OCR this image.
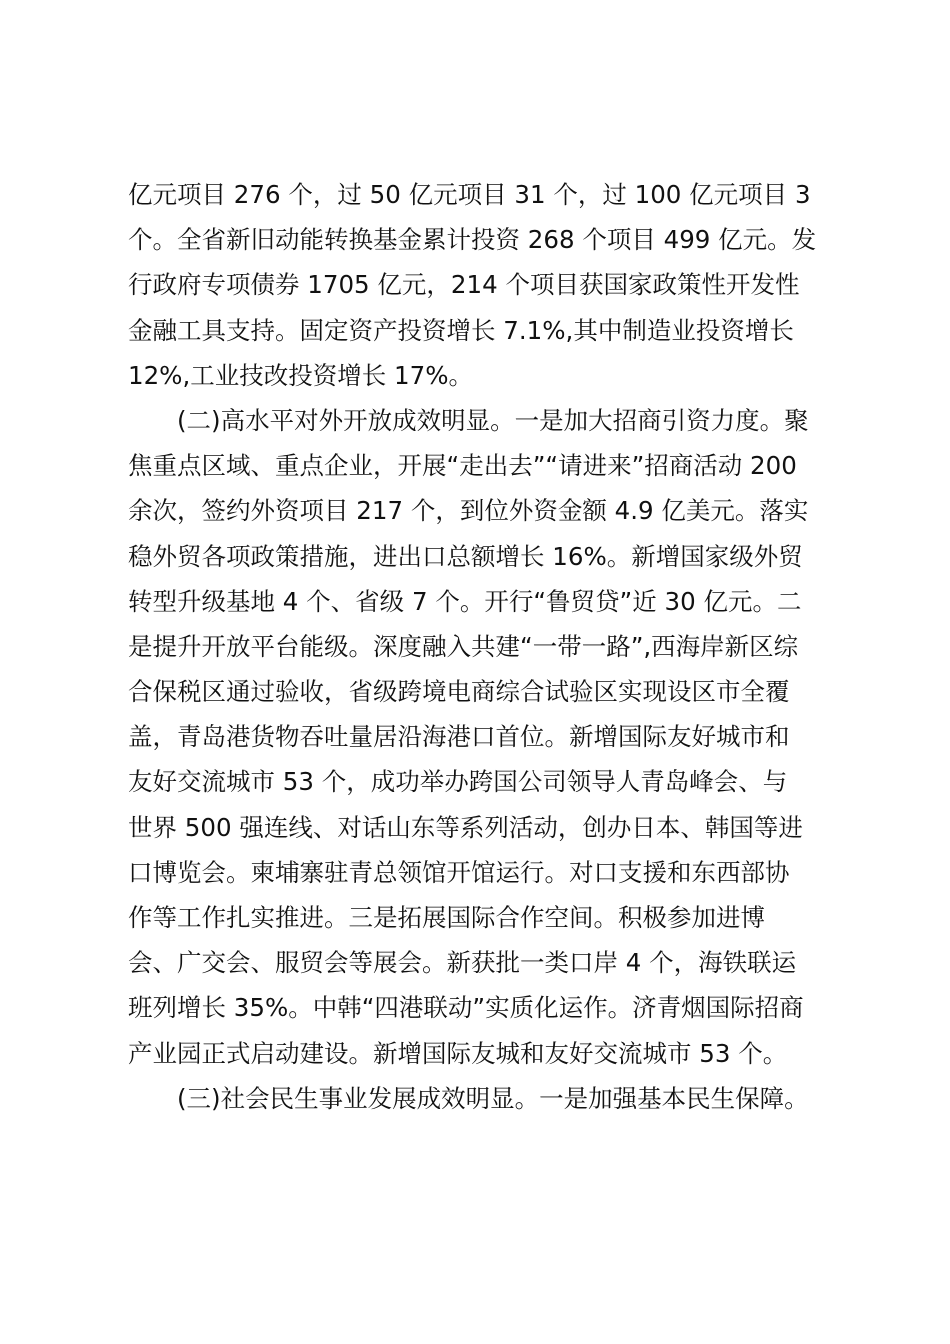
亿元项目 276 个，过 50 亿元项目 31 个，过 100 亿元项目 3
个。全省新旧动能转换基金累计投资 268 个项目 499 亿元。发
行政府专项债券 1705 亿元，214 个项目获国家政策性开发性
金融工具支持。固定资产投资增长 7.1%,其中制造业投资增长
12%,工业技改投资增长 17%。
(二)高水平对外开放成效明显。一是加大招商引资力度。聚
焦重点区域、重点企业，开展“走出去”“请进来”招商活动 200
余次，签约外资项目 217 个，到位外资金额 4.9 亿美元。落实
稳外贸各项政策措施，进出口总额增长 16%。新增国家级外贸
转型升级基地 4 个、省级 7 个。开行“鲁贸贷”近 30 亿元。二
是提升开放平台能级。深度融入共建“一带一路”,西海岸新区综
合保税区通过验收，省级跨境电商综合试验区实现设区市全覆
盖，青岛港货物吞吐量居沿海港口首位。新增国际友好城市和
友好交流城市 53 个，成功举办跨国公司领导人青岛峰会、与
世界 500 强连线、对话山东等系列活动，创办日本、韩国等进
口博览会。柬埔寨驻青总领馆开馆运行。对口支援和东西部协
作等工作扎实推进。三是拓展国际合作空间。积极参加进博
会、广交会、服贸会等展会。新获批一类口岸 4 个，海铁联运
班列增长 35%。中韩“四港联动”实质化运作。济青烟国际招商
产业园正式启动建设。新增国际友城和友好交流城市 53 个。
(三)社会民生事业发展成效明显。一是加强基本民生保障。
